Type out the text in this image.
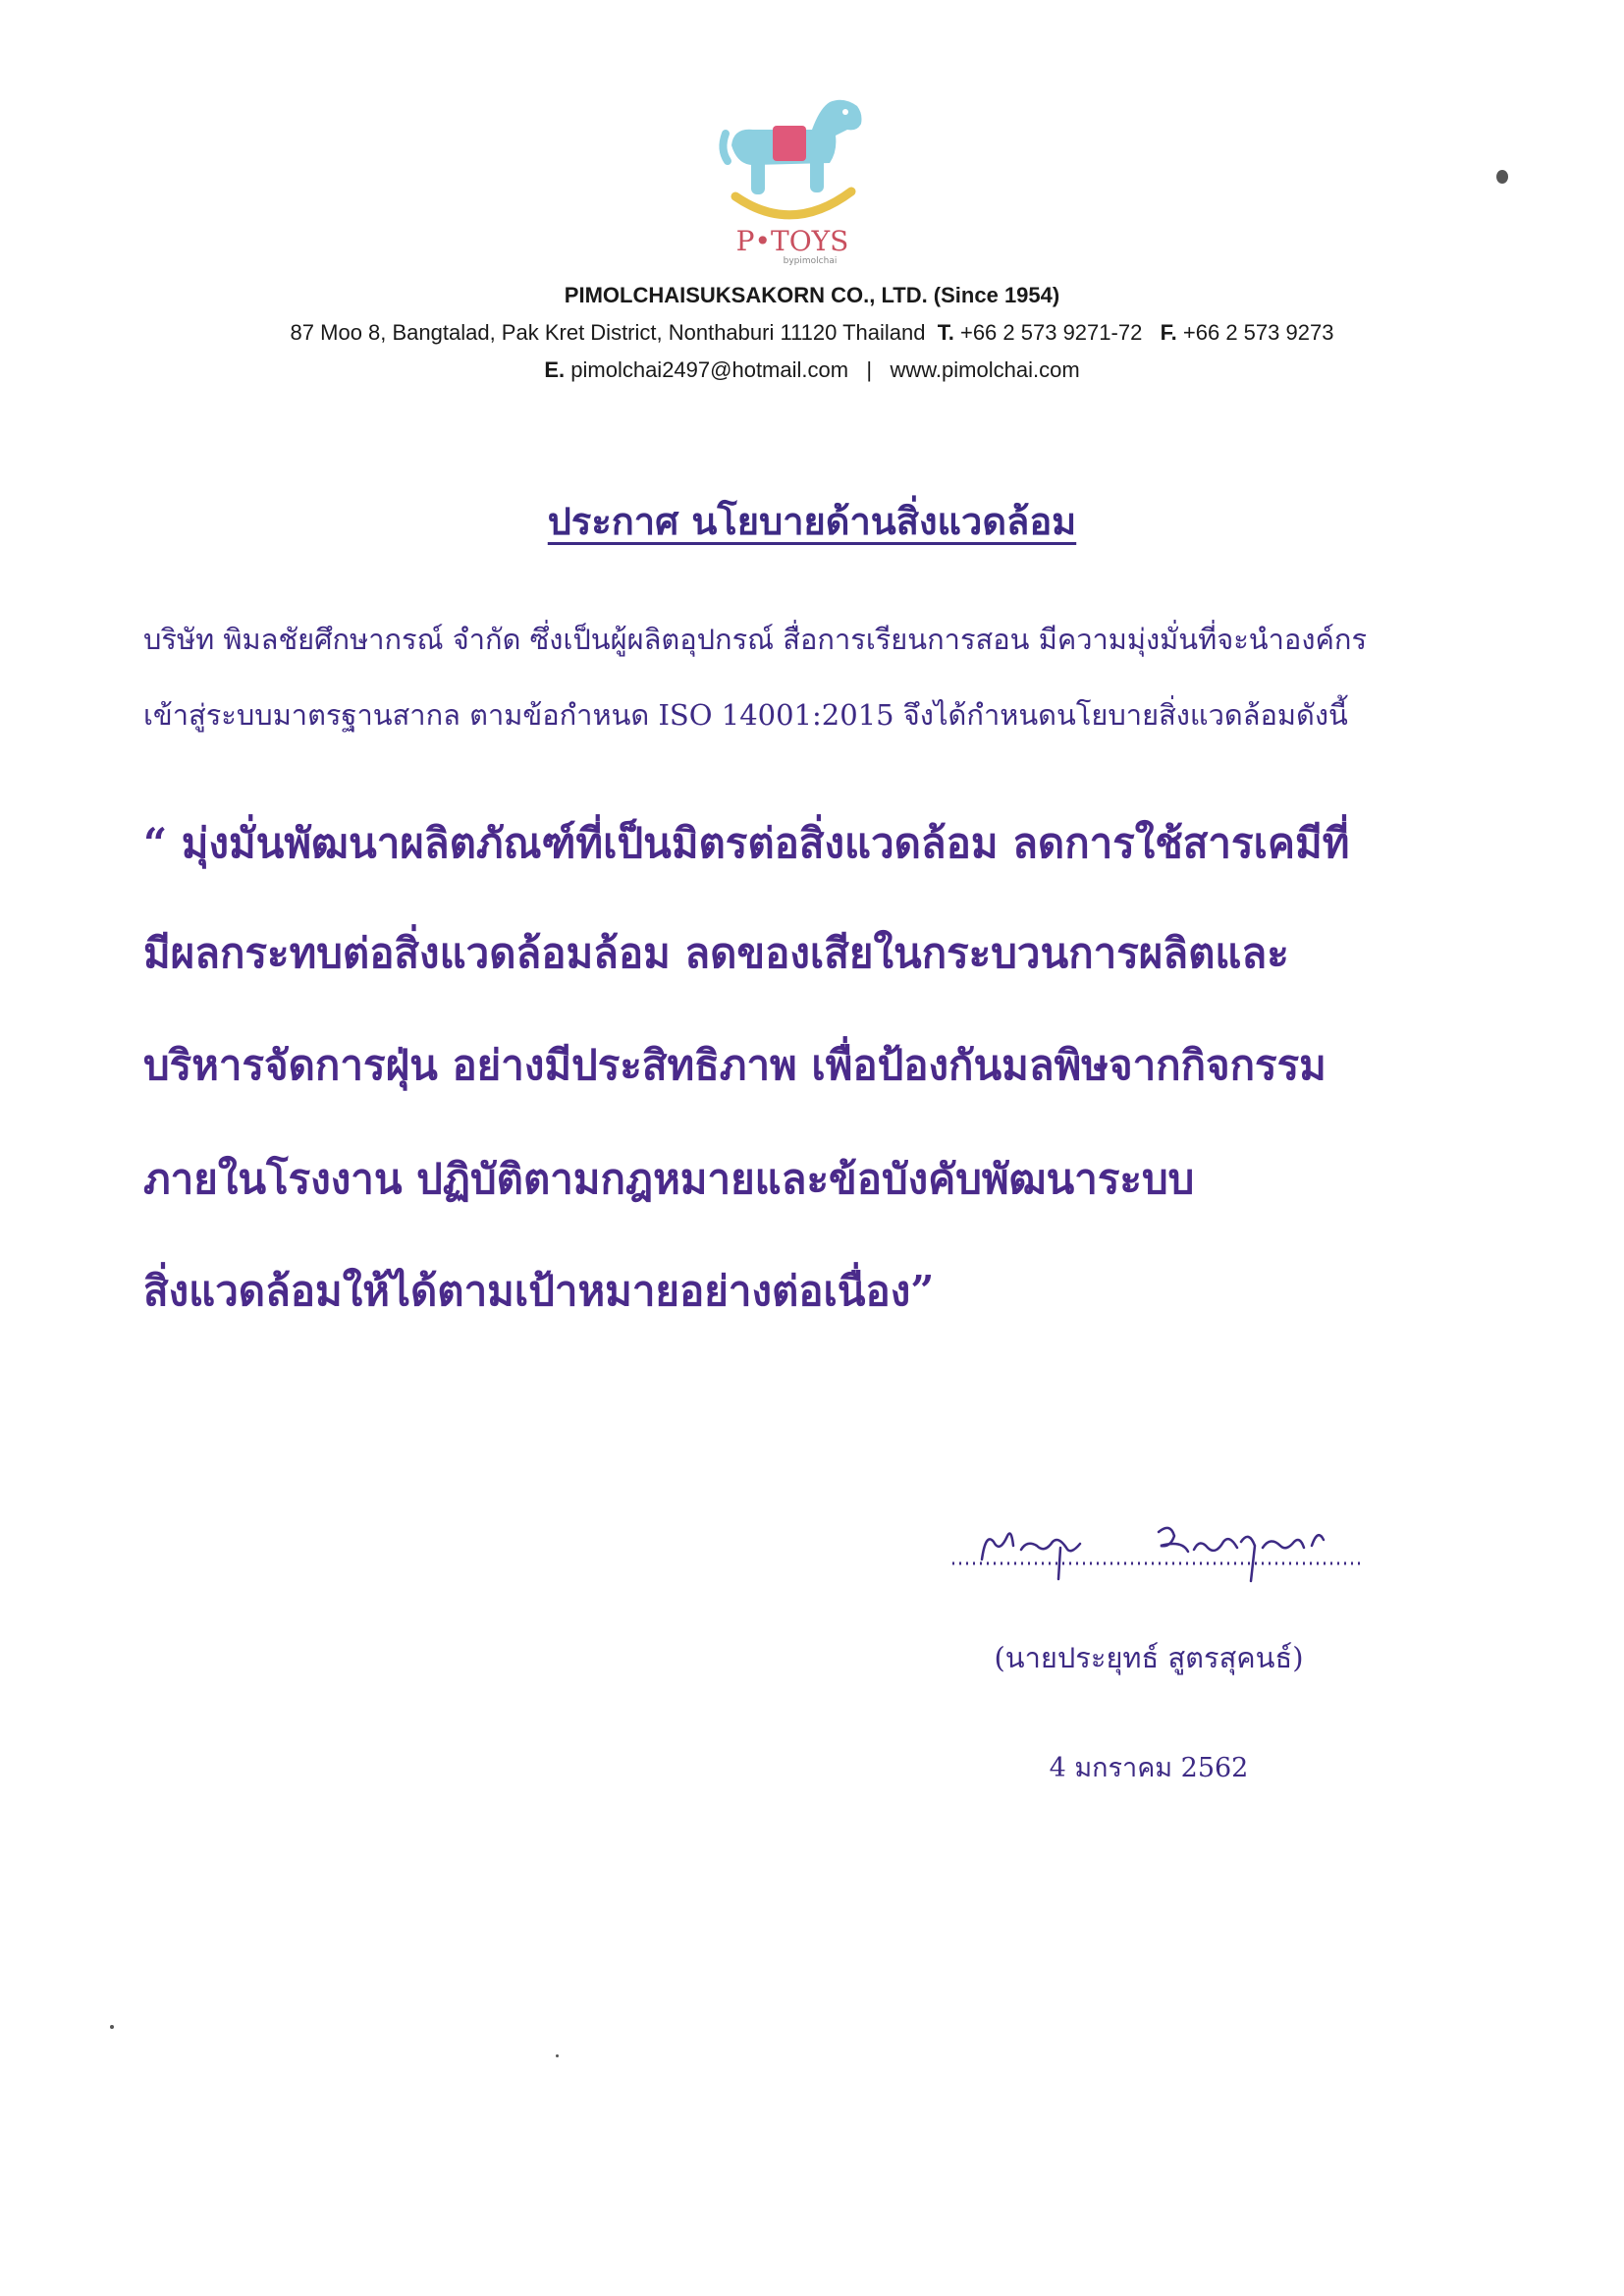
P•TOYS
bypimolchai
PIMOLCHAISUKSAKORN CO., LTD. (Since 1954)
87 Moo 8, Bangtalad, Pak Kret District, Nonthaburi 11120 Thailand T. +66 2 573 9271-72 F. +66 2 573 9273
E. pimolchai2497@hotmail.com | www.pimolchai.com
ประกาศ นโยบายด้านสิ่งแวดล้อม
บริษัท พิมลชัยศึกษากรณ์ จำกัด ซึ่งเป็นผู้ผลิตอุปกรณ์ สื่อการเรียนการสอน มีความมุ่งมั่นที่จะนำองค์กร
เข้าสู่ระบบมาตรฐานสากล ตามข้อกำหนด ISO 14001:2015 จึงได้กำหนดนโยบายสิ่งแวดล้อมดังนี้
“ มุ่งมั่นพัฒนาผลิตภัณฑ์ที่เป็นมิตรต่อสิ่งแวดล้อม ลดการใช้สารเคมีที่
มีผลกระทบต่อสิ่งแวดล้อมล้อม ลดของเสียในกระบวนการผลิตและ
บริหารจัดการฝุ่น อย่างมีประสิทธิภาพ เพื่อป้องกันมลพิษจากกิจกรรม
ภายในโรงงาน ปฏิบัติตามกฎหมายและข้อบังคับพัฒนาระบบ
สิ่งแวดล้อมให้ได้ตามเป้าหมายอย่างต่อเนื่อง”
(นายประยุทธ์ สูตรสุคนธ์)
4 มกราคม 2562
